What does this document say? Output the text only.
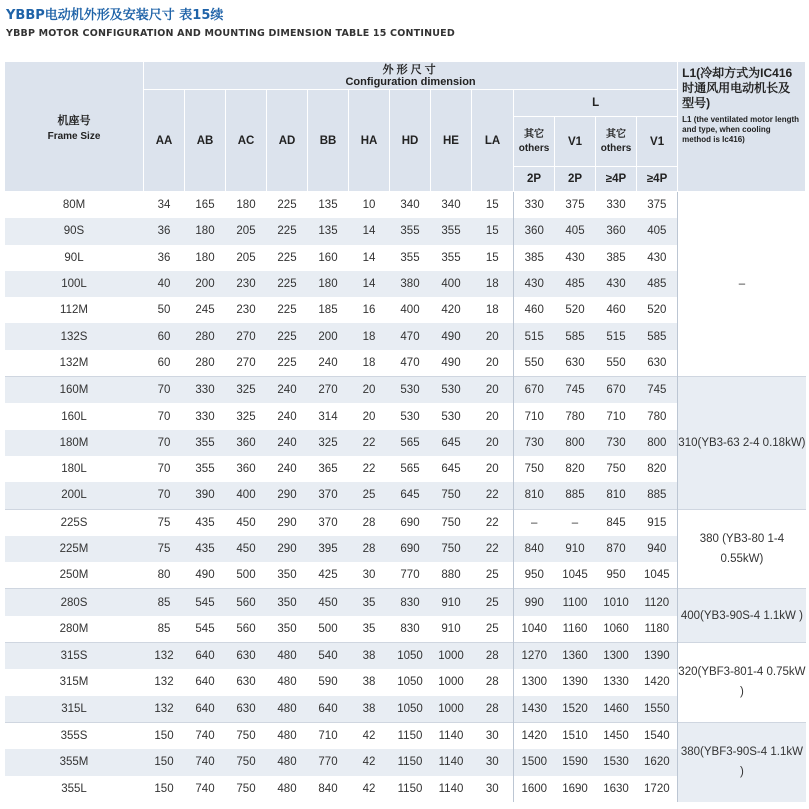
YBBP电动机外形及安装尺寸 表15续
YBBP MOTOR CONFIGURATION AND MOUNTING DIMENSION TABLE 15 CONTINUED
机座号
Frame Size	外形尺寸
Configuration dimension													L1(冷却方式为IC416时通风用电动机长及型号)
L1 (the ventilated motor length and type, when cooling method is Ic416)

	AA	AB	AC	AD	BB	HA	HD	HE	LA	L				

										其它
others	V1	其它
others	V1	
										2P	2P	≥4P	≥4P	
80M	34	165	180	225	135	10	340	340	15	330	375	330	375	–
90S	36	180	205	225	135	14	355	355	15	360	405	360	405	
90L	36	180	205	225	160	14	355	355	15	385	430	385	430	
100L	40	200	230	225	180	14	380	400	18	430	485	430	485	
112M	50	245	230	225	185	16	400	420	18	460	520	460	520	
132S	60	280	270	225	200	18	470	490	20	515	585	515	585	
132M	60	280	270	225	240	18	470	490	20	550	630	550	630	
160M	70	330	325	240	270	20	530	530	20	670	745	670	745	310(YB3-63 2-4 0.18kW)
160L	70	330	325	240	314	20	530	530	20	710	780	710	780	
180M	70	355	360	240	325	22	565	645	20	730	800	730	800	
180L	70	355	360	240	365	22	565	645	20	750	820	750	820	
200L	70	390	400	290	370	25	645	750	22	810	885	810	885	
225S	75	435	450	290	370	28	690	750	22	–	–	845	915	380 (YB3-80 1-4 0.55kW)
225M	75	435	450	290	395	28	690	750	22	840	910	870	940	
250M	80	490	500	350	425	30	770	880	25	950	1045	950	1045	
280S	85	545	560	350	450	35	830	910	25	990	1100	1010	1120	400(YB3-90S-4 1.1kW )
280M	85	545	560	350	500	35	830	910	25	1040	1160	1060	1180	
315S	132	640	630	480	540	38	1050	1000	28	1270	1360	1300	1390	320(YBF3-801-4 0.75kW )
315M	132	640	630	480	590	38	1050	1000	28	1300	1390	1330	1420	
315L	132	640	630	480	640	38	1050	1000	28	1430	1520	1460	1550	
355S	150	740	750	480	710	42	1150	1140	30	1420	1510	1450	1540	380(YBF3-90S-4 1.1kW )
355M	150	740	750	480	770	42	1150	1140	30	1500	1590	1530	1620	
355L	150	740	750	480	840	42	1150	1140	30	1600	1690	1630	1720	
